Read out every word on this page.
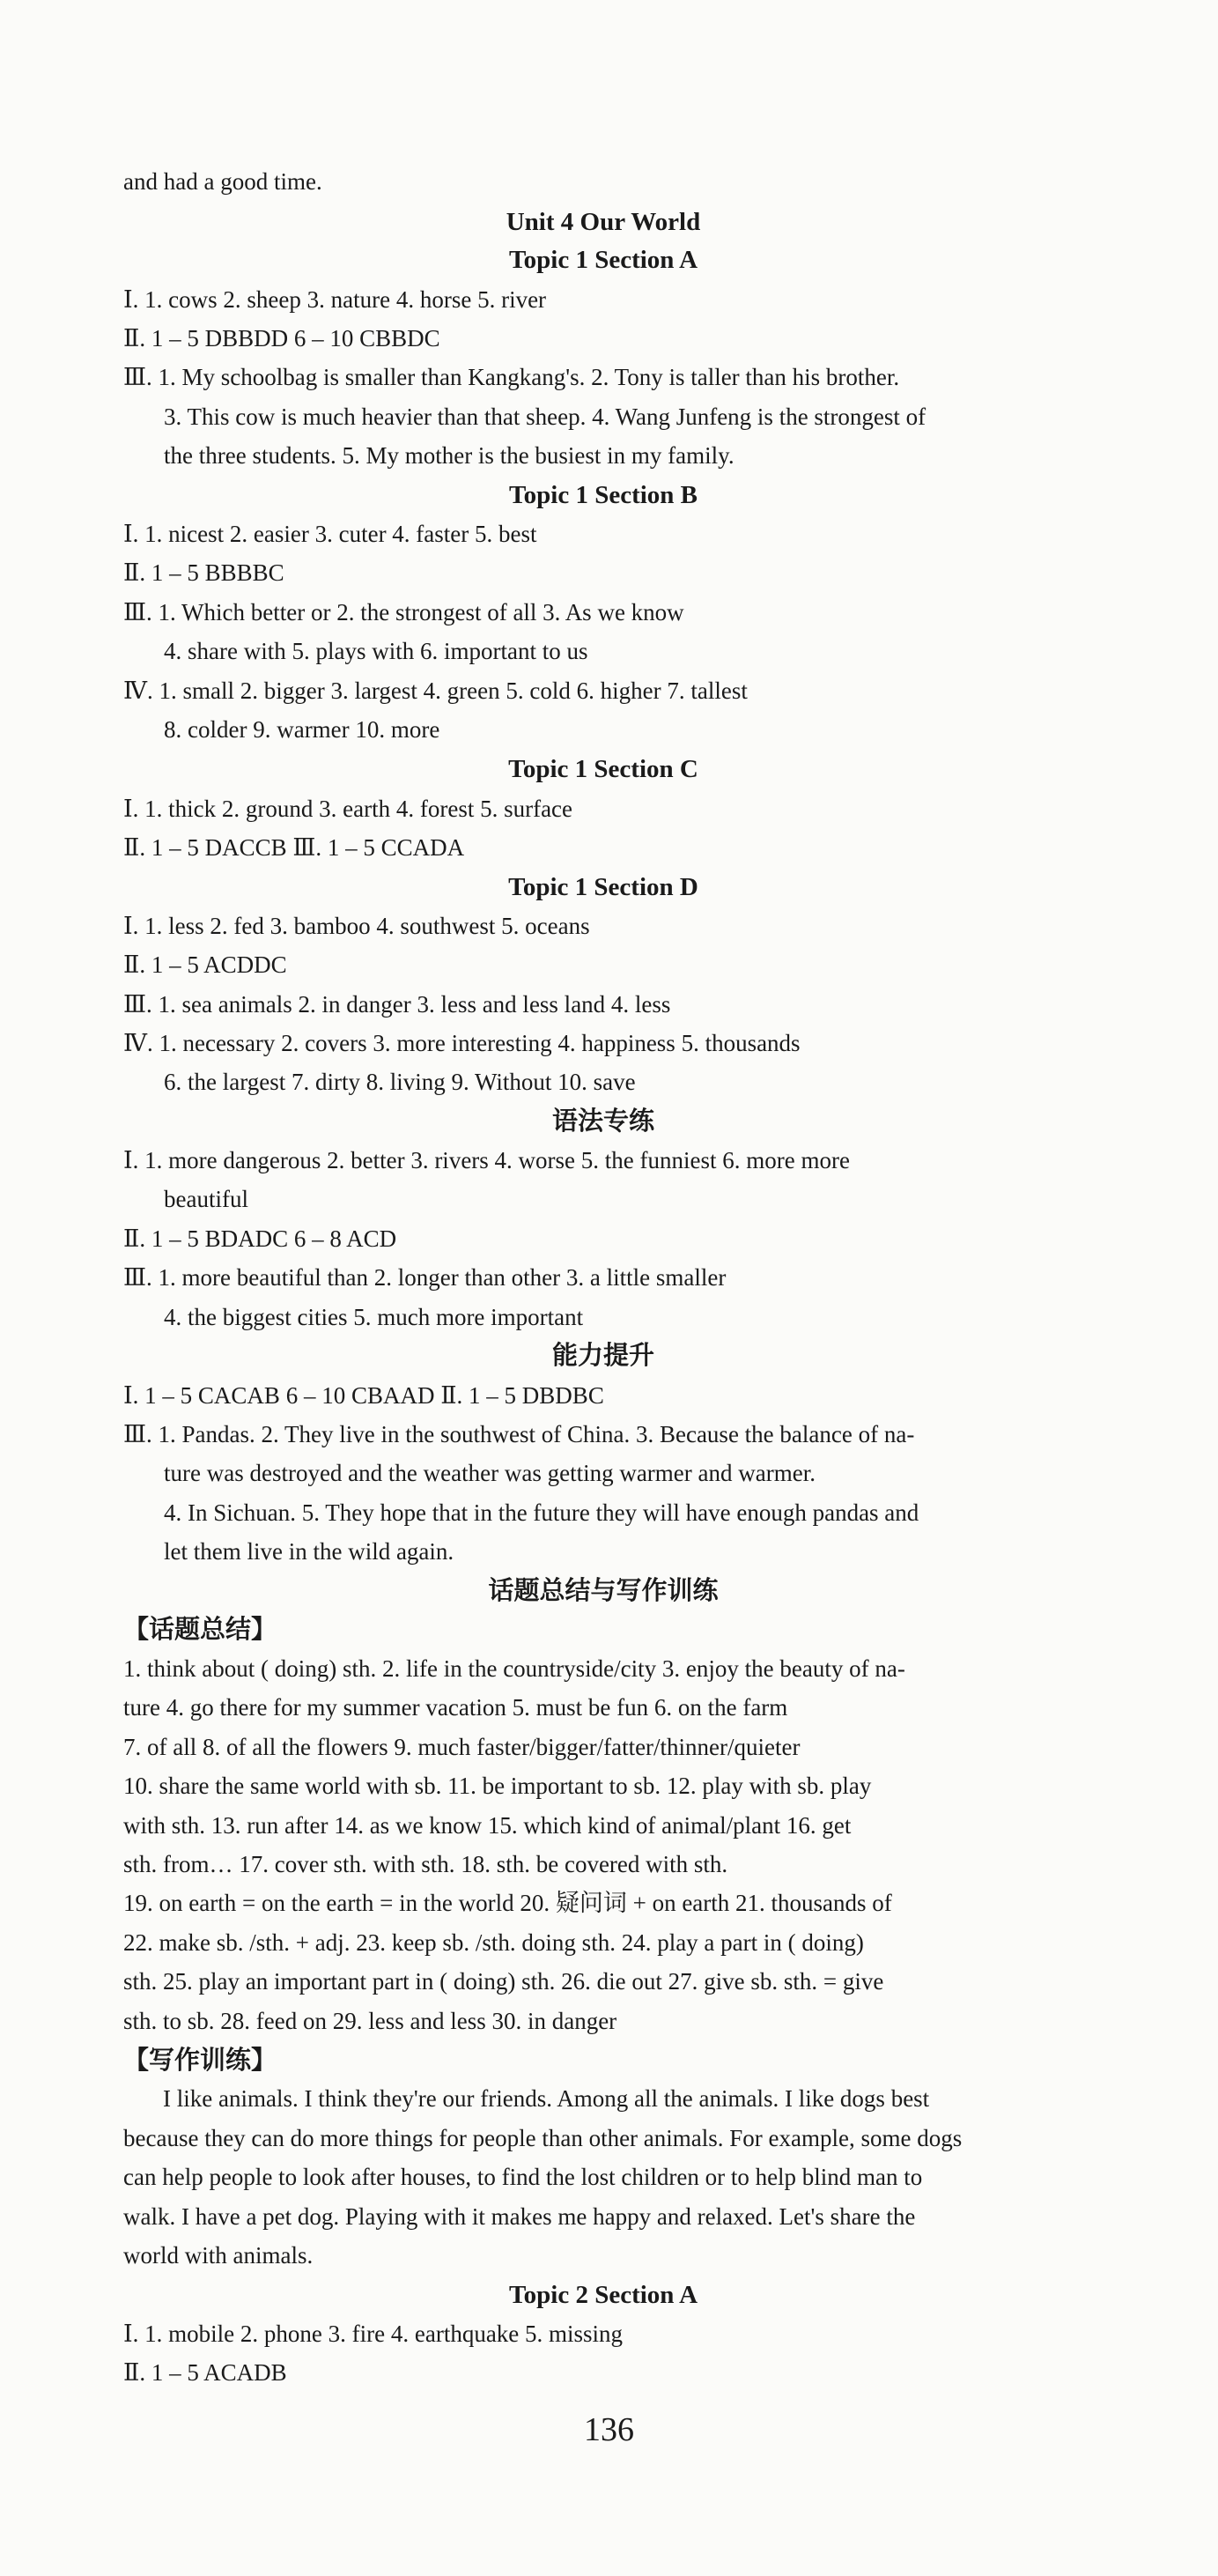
and had a good time.
Unit 4 Our World
Topic 1 Section A
Ⅰ. 1. cows 2. sheep 3. nature 4. horse 5. river
Ⅱ. 1 – 5 DBBDD 6 – 10 CBBDC
Ⅲ. 1. My schoolbag is smaller than Kangkang's. 2. Tony is taller than his brother.
3. This cow is much heavier than that sheep. 4. Wang Junfeng is the strongest of
the three students. 5. My mother is the busiest in my family.
Topic 1 Section B
Ⅰ. 1. nicest 2. easier 3. cuter 4. faster 5. best
Ⅱ. 1 – 5 BBBBC
Ⅲ. 1. Which better or 2. the strongest of all 3. As we know
4. share with 5. plays with 6. important to us
Ⅳ. 1. small 2. bigger 3. largest 4. green 5. cold 6. higher 7. tallest
8. colder 9. warmer 10. more
Topic 1 Section C
Ⅰ. 1. thick 2. ground 3. earth 4. forest 5. surface
Ⅱ. 1 – 5 DACCB Ⅲ. 1 – 5 CCADA
Topic 1 Section D
Ⅰ. 1. less 2. fed 3. bamboo 4. southwest 5. oceans
Ⅱ. 1 – 5 ACDDC
Ⅲ. 1. sea animals 2. in danger 3. less and less land 4. less
Ⅳ. 1. necessary 2. covers 3. more interesting 4. happiness 5. thousands
6. the largest 7. dirty 8. living 9. Without 10. save
语法专练
Ⅰ. 1. more dangerous 2. better 3. rivers 4. worse 5. the funniest 6. more more
beautiful
Ⅱ. 1 – 5 BDADC 6 – 8 ACD
Ⅲ. 1. more beautiful than 2. longer than other 3. a little smaller
4. the biggest cities 5. much more important
能力提升
Ⅰ. 1 – 5 CACAB 6 – 10 CBAAD Ⅱ. 1 – 5 DBDBC
Ⅲ. 1. Pandas. 2. They live in the southwest of China. 3. Because the balance of na-
ture was destroyed and the weather was getting warmer and warmer.
4. In Sichuan. 5. They hope that in the future they will have enough pandas and
let them live in the wild again.
话题总结与写作训练
【话题总结】
1. think about ( doing) sth. 2. life in the countryside/city 3. enjoy the beauty of na-
ture 4. go there for my summer vacation 5. must be fun 6. on the farm
7. of all 8. of all the flowers 9. much faster/bigger/fatter/thinner/quieter
10. share the same world with sb. 11. be important to sb. 12. play with sb. play
with sth. 13. run after 14. as we know 15. which kind of animal/plant 16. get
sth. from… 17. cover sth. with sth. 18. sth. be covered with sth.
19. on earth = on the earth = in the world 20. 疑问词 + on earth 21. thousands of
22. make sb. /sth. + adj. 23. keep sb. /sth. doing sth. 24. play a part in ( doing)
sth. 25. play an important part in ( doing) sth. 26. die out 27. give sb. sth. = give
sth. to sb. 28. feed on 29. less and less 30. in danger
【写作训练】
I like animals. I think they're our friends. Among all the animals. I like dogs best
because they can do more things for people than other animals. For example, some dogs
can help people to look after houses, to find the lost children or to help blind man to
walk. I have a pet dog. Playing with it makes me happy and relaxed. Let's share the
world with animals.
Topic 2 Section A
Ⅰ. 1. mobile 2. phone 3. fire 4. earthquake 5. missing
Ⅱ. 1 – 5 ACADB
136
